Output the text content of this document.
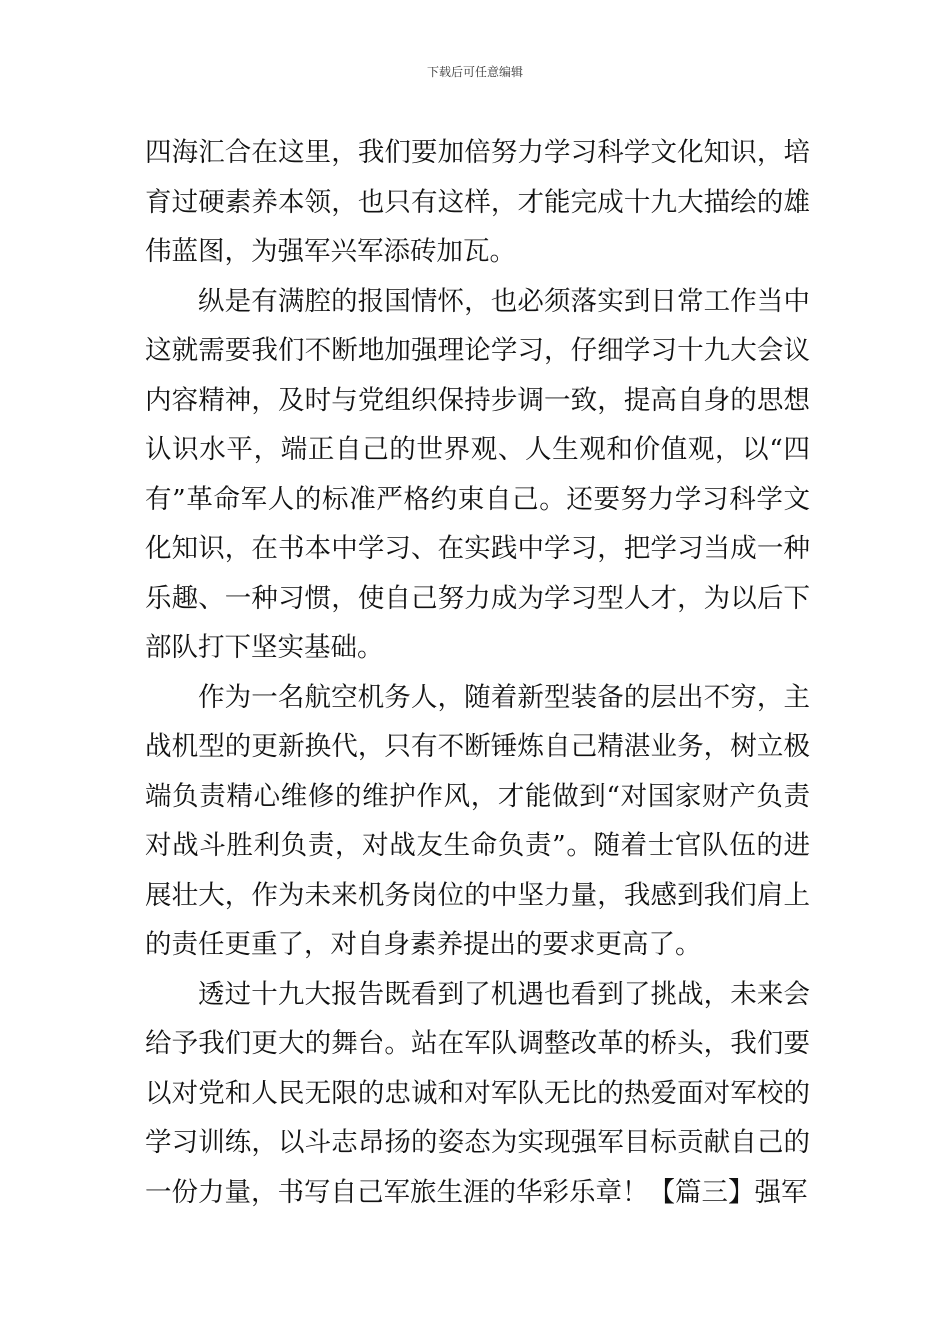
下载后可任意编辑

四海汇合在这里，我们要加倍努力学习科学文化知识，培育过硬素养本领，也只有这样，才能完成十九大描绘的雄伟蓝图，为强军兴军添砖加瓦。

纵是有满腔的报国情怀，也必须落实到日常工作当中这就需要我们不断地加强理论学习，仔细学习十九大会议内容精神，及时与党组织保持步调一致，提高自身的思想认识水平，端正自己的世界观、人生观和价值观，以“四有”革命军人的标准严格约束自己。还要努力学习科学文化知识，在书本中学习、在实践中学习，把学习当成一种乐趣、一种习惯，使自己努力成为学习型人才，为以后下部队打下坚实基础。

作为一名航空机务人，随着新型装备的层出不穷，主战机型的更新换代，只有不断锤炼自己精湛业务，树立极端负责精心维修的维护作风，才能做到“对国家财产负责对战斗胜利负责，对战友生命负责”。随着士官队伍的进展壮大，作为未来机务岗位的中坚力量，我感到我们肩上的责任更重了，对自身素养提出的要求更高了。

透过十九大报告既看到了机遇也看到了挑战，未来会给予我们更大的舞台。站在军队调整改革的桥头，我们要以对党和人民无限的忠诚和对军队无比的热爱面对军校的学习训练，以斗志昂扬的姿态为实现强军目标贡献自己的一份力量，书写自己军旅生涯的华彩乐章！【篇三】强军
